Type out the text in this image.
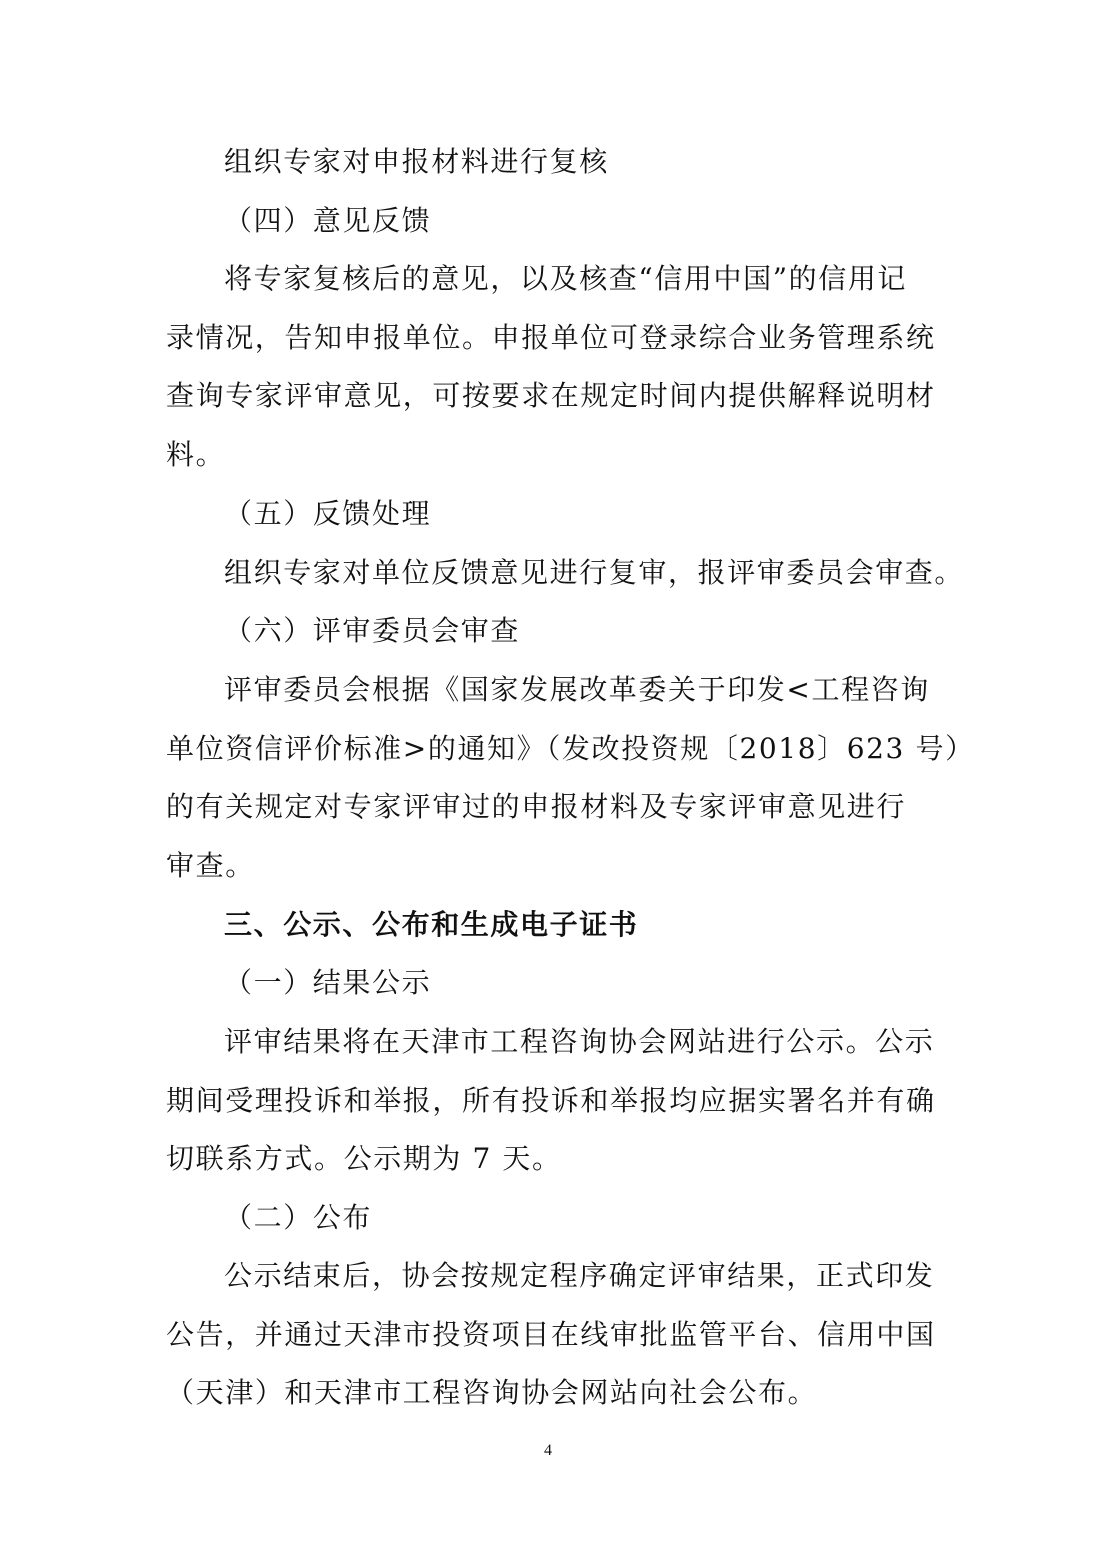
组织专家对申报材料进行复核

（四）意见反馈

将专家复核后的意见，以及核查“信用中国”的信用记
录情况，告知申报单位。申报单位可登录综合业务管理系统
查询专家评审意见，可按要求在规定时间内提供解释说明材
料。

（五）反馈处理

组织专家对单位反馈意见进行复审，报评审委员会审查。

（六）评审委员会审查

评审委员会根据《国家发展改革委关于印发<工程咨询
单位资信评价标准>的通知》（发改投资规〔2018〕623 号）
的有关规定对专家评审过的申报材料及专家评审意见进行
审查。

三、公示、公布和生成电子证书

（一）结果公示

评审结果将在天津市工程咨询协会网站进行公示。公示
期间受理投诉和举报，所有投诉和举报均应据实署名并有确
切联系方式。公示期为 7 天。

（二）公布

公示结束后，协会按规定程序确定评审结果，正式印发
公告，并通过天津市投资项目在线审批监管平台、信用中国
（天津）和天津市工程咨询协会网站向社会公布。

4
